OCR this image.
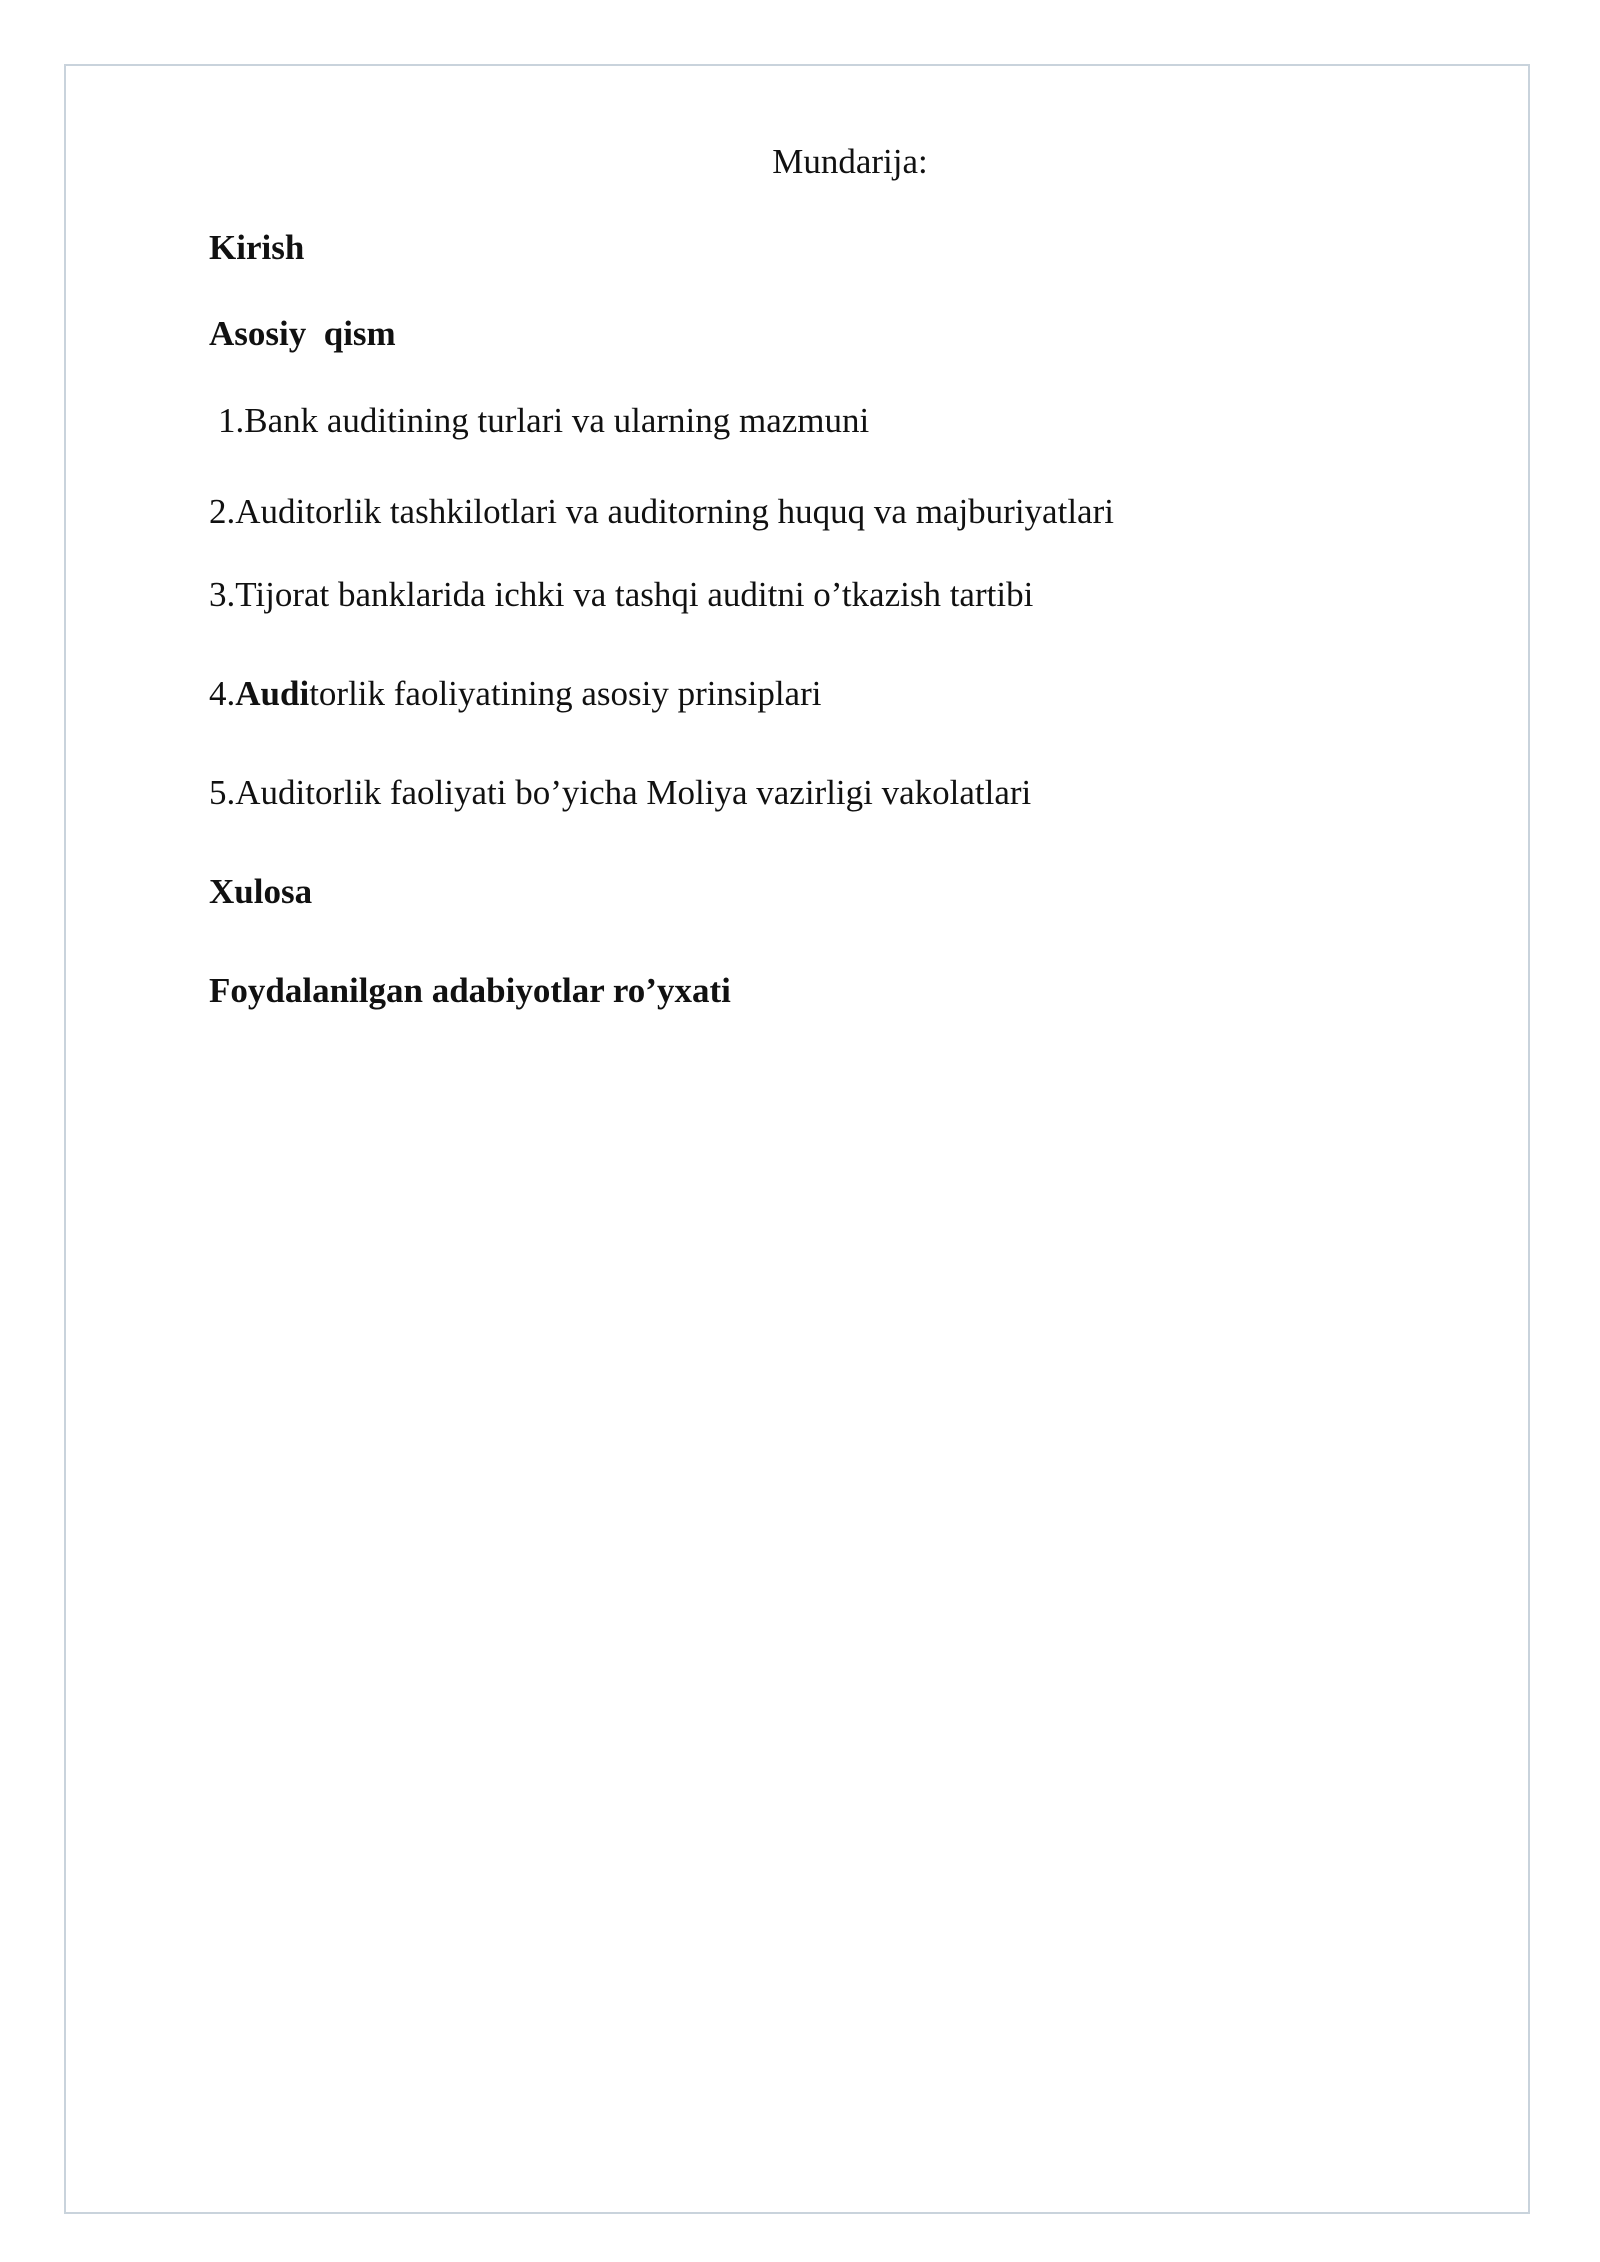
Mundarija:
Kirish
Asosiy  qism
1.Bank auditining turlari va ularning mazmuni
2.Auditorlik tashkilotlari va auditorning huquq va majburiyatlari
3.Tijorat banklarida ichki va tashqi auditni o’tkazish tartibi
4.Auditorlik faoliyatining asosiy prinsiplari
5.Auditorlik faoliyati bo’yicha Moliya vazirligi vakolatlari
Xulosa
Foydalanilgan adabiyotlar ro’yxati
